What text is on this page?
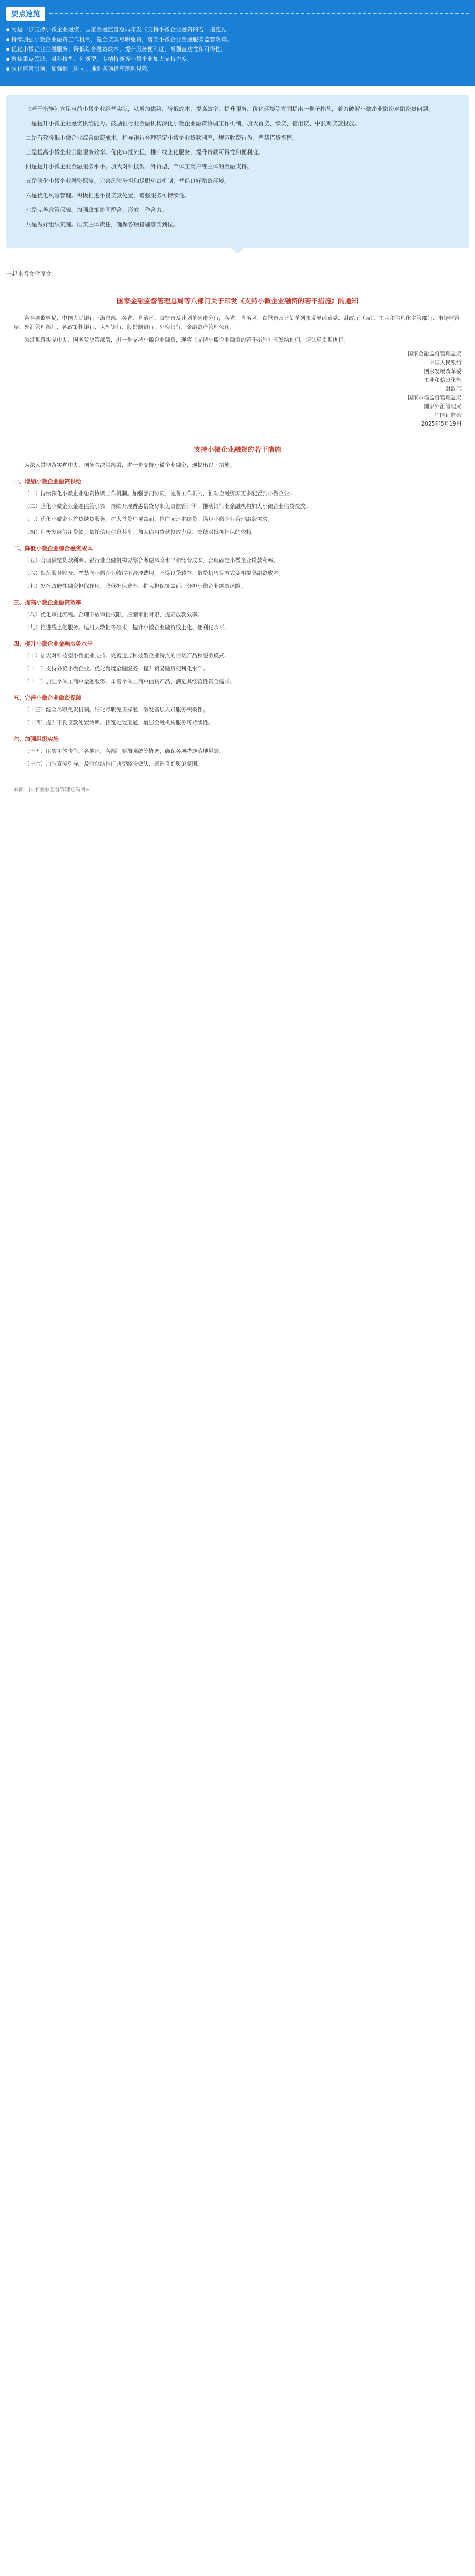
要点速览
■ 为进一步支持小微企业融资，国家金融监管总局印发《支持小微企业融资的若干措施》。
■ 持续加强小微企业融资工作机制，健全贷款尽职免责，落实小微企业金融服务监管政策。
■ 优化小微企业金融服务，降低综合融资成本，提升服务便利度，增强直达性和可得性。
■ 聚焦重点领域，对科技型、创新型、专精特新等小微企业加大支持力度。
■ 强化监管引领，加强部门协同，推动各项措施落地见效。

《若干措施》立足当前小微企业经营实际，从增加供给、降低成本、提高效率、提升服务、优化环境等方面提出一揽子措施，着力破解小微企业融资难融资贵问题。

一是提升小微企业融资供给能力。鼓励银行业金融机构深化小微企业融资协调工作机制，加大首贷、续贷、信用贷、中长期贷款投放。

二是有效降低小微企业综合融资成本。指导银行合理确定小微企业贷款利率，规范收费行为，严禁借贷搭售。

三是提高小微企业金融服务效率。优化审批流程，推广线上化服务，提升贷款可得性和便利度。

四是提升小微企业金融服务水平。加大对科技型、外贸型、个体工商户等主体的金融支持。

五是强化小微企业融资保障。完善风险分担和尽职免责机制，营造良好融资环境。

六是优化风险管理。积极推进不良贷款处置，增强服务可持续性。

七是完善政策保障。加强政策协同配合，形成工作合力。

八是做好组织实施。压实主体责任，确保各项措施落实到位。

一起来看文件原文：
国家金融监督管理总局等八部门关于印发《支持小微企业融资的若干措施》的通知

各金融监管局，中国人民银行上海总部，各省、自治区、直辖市及计划单列市分行，各省、自治区、直辖市及计划单列市发展改革委、财政厅（局）、工业和信息化主管部门、市场监管局、外汇管理部门，各政策性银行、大型银行、股份制银行，外资银行，金融资产管理公司：

为贯彻落实党中央、国务院决策部署，进一步支持小微企业融资，现将《支持小微企业融资的若干措施》印发给你们，请认真贯彻执行。

国家金融监督管理总局
中国人民银行
国家发展改革委
工业和信息化部
财政部
国家市场监督管理总局
国家外汇管理局
中国证监会
2025年5月19日
支持小微企业融资的若干措施

为深入贯彻落实党中央、国务院决策部署，进一步支持小微企业融资，现提出以下措施。

一、增加小微企业融资供给

（一）持续深化小微企业融资协调工作机制。加强部门协同，完善工作机制，推动金融资源更多配置到小微企业。

（二）强化小微企业金融监管引领。持续开展普惠信贷尽职免责监管评价，推动银行业金融机构加大小微企业信贷投放。

（三）优化小微企业首贷续贷服务。扩大首贷户覆盖面，推广无还本续贷，满足小微企业合理融资需求。

（四）积极发展信用贷款。依托信用信息共享，加大信用贷款投放力度，降低对抵押担保的依赖。

二、降低小微企业综合融资成本

（五）合理确定贷款利率。银行业金融机构要综合考虑风险水平和经营成本，合理确定小微企业贷款利率。

（六）规范服务收费。严禁向小微企业收取不合理费用，不得以贷转存、借贷搭售等方式变相提高融资成本。

（七）发挥政府性融资担保作用。降低担保费率，扩大担保覆盖面，分担小微企业融资风险。

三、提高小微企业融资效率

（八）优化审批流程。合理下放审批权限，压缩审批时限，提高放款效率。

（九）推进线上化服务。运用大数据等技术，提升小微企业融资线上化、便利化水平。

四、提升小微企业金融服务水平

（十）加大对科技型小微企业支持。完善适应科技型企业特点的信贷产品和服务模式。

（十一）支持外贸小微企业。优化跨境金融服务，提升贸易融资便利化水平。

（十二）加强个体工商户金融服务。丰富个体工商户信贷产品，满足其经营性资金需求。

五、完善小微企业融资保障

（十三）健全尽职免责机制。细化尽职免责标准，激发基层人员服务积极性。

（十四）提升不良贷款处置效率。拓宽处置渠道，增强金融机构服务可持续性。

六、加强组织实施

（十五）压实主体责任。各地区、各部门要加强统筹协调，确保各项措施落地见效。

（十六）加强宣传引导。及时总结推广典型经验做法，营造良好舆论氛围。

来源：国家金融监督管理总局网站
